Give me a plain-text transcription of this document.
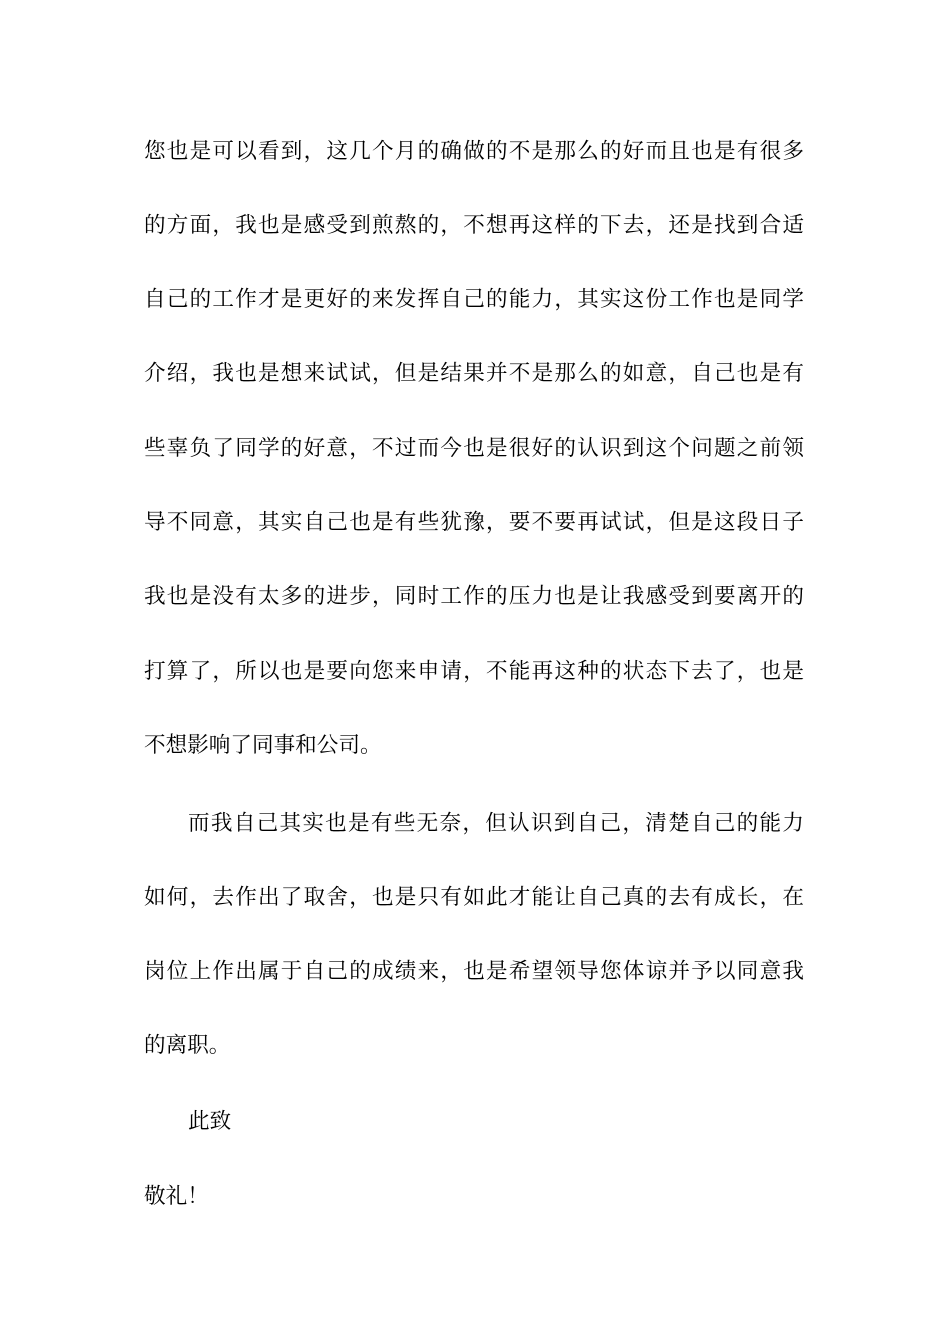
您也是可以看到，这几个月的确做的不是那么的好而且也是有很多
的方面，我也是感受到煎熬的，不想再这样的下去，还是找到合适
自己的工作才是更好的来发挥自己的能力，其实这份工作也是同学
介绍，我也是想来试试，但是结果并不是那么的如意，自己也是有
些辜负了同学的好意，不过而今也是很好的认识到这个问题之前领
导不同意，其实自己也是有些犹豫，要不要再试试，但是这段日子
我也是没有太多的进步，同时工作的压力也是让我感受到要离开的
打算了，所以也是要向您来申请，不能再这种的状态下去了，也是
不想影响了同事和公司。
而我自己其实也是有些无奈，但认识到自己，清楚自己的能力
如何，去作出了取舍，也是只有如此才能让自己真的去有成长，在
岗位上作出属于自己的成绩来，也是希望领导您体谅并予以同意我
的离职。
此致
敬礼！
